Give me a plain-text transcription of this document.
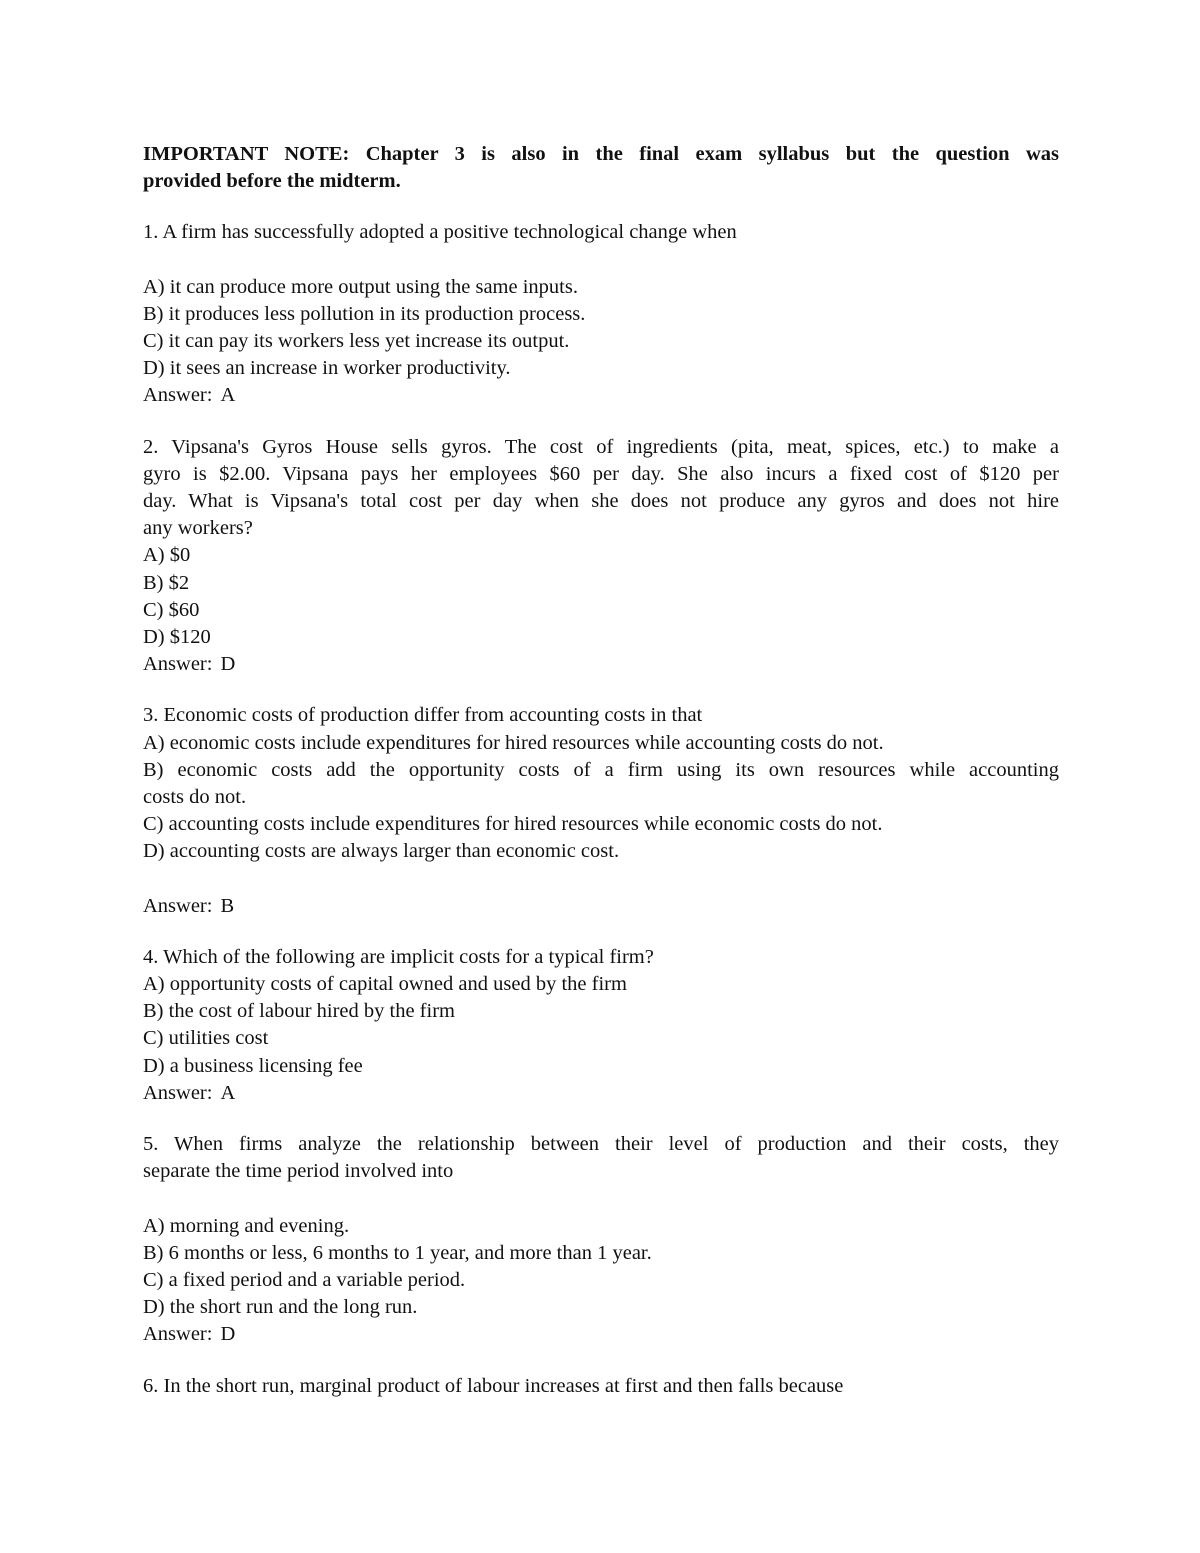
IMPORTANT NOTE: Chapter 3 is also in the final exam syllabus but the question was
provided before the midterm.
1. A firm has successfully adopted a positive technological change when
A) it can produce more output using the same inputs.
B) it produces less pollution in its production process.
C) it can pay its workers less yet increase its output.
D) it sees an increase in worker productivity.
Answer: A
2. Vipsana's Gyros House sells gyros. The cost of ingredients (pita, meat, spices, etc.) to make a
gyro is $2.00. Vipsana pays her employees $60 per day. She also incurs a fixed cost of $120 per
day. What is Vipsana's total cost per day when she does not produce any gyros and does not hire
any workers?
A) $0
B) $2
C) $60
D) $120
Answer: D
3. Economic costs of production differ from accounting costs in that
A) economic costs include expenditures for hired resources while accounting costs do not.
B) economic costs add the opportunity costs of a firm using its own resources while accounting
costs do not.
C) accounting costs include expenditures for hired resources while economic costs do not.
D) accounting costs are always larger than economic cost.
Answer: B
4. Which of the following are implicit costs for a typical firm?
A) opportunity costs of capital owned and used by the firm
B) the cost of labour hired by the firm
C) utilities cost
D) a business licensing fee
Answer: A
5. When firms analyze the relationship between their level of production and their costs, they
separate the time period involved into
A) morning and evening.
B) 6 months or less, 6 months to 1 year, and more than 1 year.
C) a fixed period and a variable period.
D) the short run and the long run.
Answer: D
6. In the short run, marginal product of labour increases at first and then falls because
